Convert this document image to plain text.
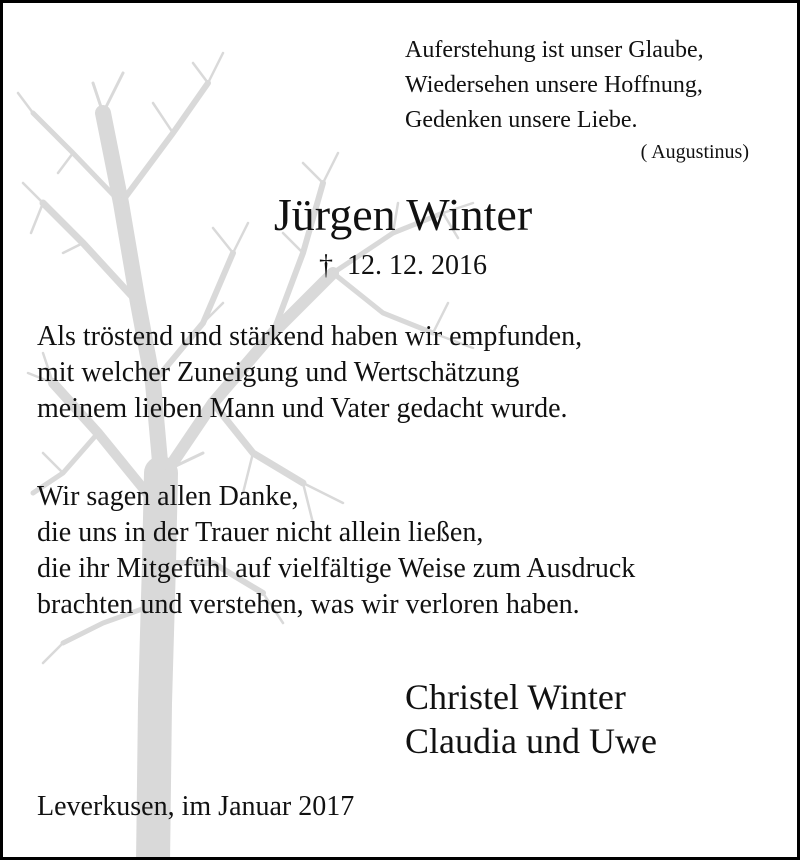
Auferstehung ist unser Glaube,
Wiedersehen unsere Hoffnung,
Gedenken unsere Liebe.
( Augustinus)
Jürgen Winter
† 12. 12. 2016
Als tröstend und stärkend haben wir empfunden,
mit welcher Zuneigung und Wertschätzung
meinem lieben Mann und Vater gedacht wurde.
Wir sagen allen Danke,
die uns in der Trauer nicht allein ließen,
die ihr Mitgefühl auf vielfältige Weise zum Ausdruck
brachten und verstehen, was wir verloren haben.
Christel Winter
Claudia und Uwe
Leverkusen, im Januar 2017
